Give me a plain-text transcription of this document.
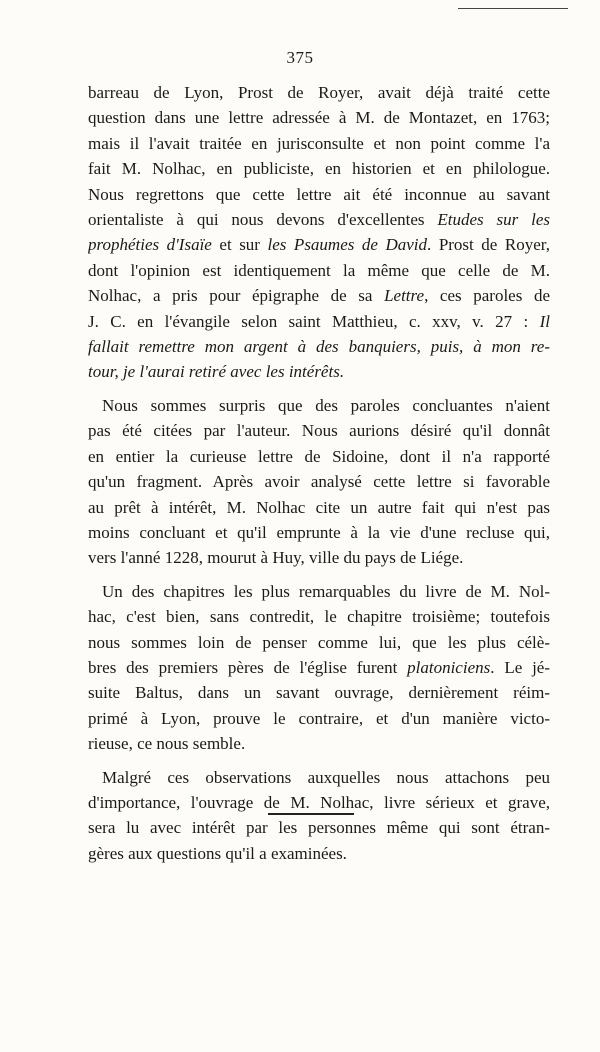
375
barreau de Lyon, Prost de Royer, avait déjà traité cette
question dans une lettre adressée à M. de Montazet, en 1763;
mais il l'avait traitée en jurisconsulte et non point comme l'a
fait M. Nolhac, en publiciste, en historien et en philologue.
Nous regrettons que cette lettre ait été inconnue au savant
orientaliste à qui nous devons d'excellentes Etudes sur les
prophéties d'Isaïe et sur les Psaumes de David. Prost de Royer,
dont l'opinion est identiquement la même que celle de M.
Nolhac, a pris pour épigraphe de sa Lettre, ces paroles de
J. C. en l'évangile selon saint Matthieu, c. xxv, v. 27 : Il
fallait remettre mon argent à des banquiers, puis, à mon re-
tour, je l'aurai retiré avec les intérêts.
Nous sommes surpris que des paroles concluantes n'aient
pas été citées par l'auteur. Nous aurions désiré qu'il donnât
en entier la curieuse lettre de Sidoine, dont il n'a rapporté
qu'un fragment. Après avoir analysé cette lettre si favorable
au prêt à intérêt, M. Nolhac cite un autre fait qui n'est pas
moins concluant et qu'il emprunte à la vie d'une recluse qui,
vers l'anné 1228, mourut à Huy, ville du pays de Liége.
Un des chapitres les plus remarquables du livre de M. Nol-
hac, c'est bien, sans contredit, le chapitre troisième; toutefois
nous sommes loin de penser comme lui, que les plus célè-
bres des premiers pères de l'église furent platoniciens. Le jé-
suite Baltus, dans un savant ouvrage, dernièrement réim-
primé à Lyon, prouve le contraire, et d'un manière victo-
rieuse, ce nous semble.
Malgré ces observations auxquelles nous attachons peu
d'importance, l'ouvrage de M. Nolhac, livre sérieux et grave,
sera lu avec intérêt par les personnes même qui sont étran-
gères aux questions qu'il a examinées.
